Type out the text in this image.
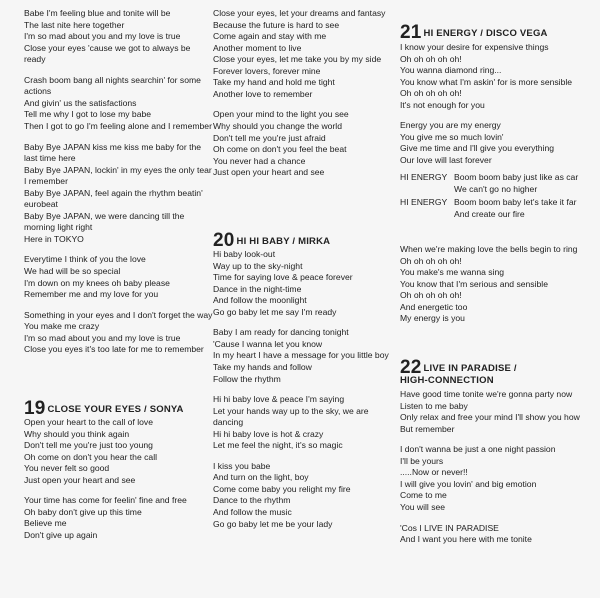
Babe I'm feeling blue and tonite will be
The last nite here together
I'm so mad about you and my love is true
Close your eyes 'cause we got to always be
ready
Crash boom bang all nights searchin' for some
actions
And givin' us the satisfactions
Tell me why I got to lose my babe
Then I got to go I'm feeling alone and I remember
Baby Bye JAPAN kiss me kiss me baby for the
last time here
Baby Bye JAPAN, lockin' in my eyes the only tear
I remember
Baby Bye JAPAN, feel again the rhythm beatin'
eurobeat
Baby Bye JAPAN, we were dancing till the
morning light right
Here in TOKYO
Everytime I think of you the love
We had will be so special
I'm down on my knees oh baby please
Remember me and my love for you
Something in your eyes and I don't forget the way
You make me crazy
I'm so mad about you and my love is true
Close you eyes it's too late for me to remember
19 CLOSE YOUR EYES / SONYA
Open your heart to the call of love
Why should you think again
Don't tell me you're just too young
Oh come on don't you hear the call
You never felt so good
Just open your heart and see
Your time has come for feelin' fine and free
Oh baby don't give up this time
Believe me
Don't give up again
Close your eyes, let your dreams and fantasy
Because the future is hard to see
Come again and stay with me
Another moment to live
Close your eyes, let me take you by my side
Forever lovers, forever mine
Take my hand and hold me tight
Another love to remember
Open your mind to the light you see
Why should you change the world
Don't tell me you're just afraid
Oh come on don't you feel the beat
You never had a chance
Just open your heart and see
20 HI HI BABY / MIRKA
Hi baby look-out
Way up to the sky-night
Time for saying love & peace forever
Dance in the night-time
And follow the moonlight
Go go baby let me say I'm ready
Baby I am ready for dancing tonight
'Cause I wanna let you know
In my heart I have a message for you little boy
Take my hands and follow
Follow the rhythm
Hi hi baby love & peace I'm saying
Let your hands way up to the sky, we are
dancing
Hi hi baby love is hot & crazy
Let me feel the night, it's so magic
I kiss you babe
And turn on the light, boy
Come come baby you relight my fire
Dance to the rhythm
And follow the music
Go go baby let me be your lady
21 HI ENERGY / DISCO VEGA
I know your desire for expensive things
Oh oh oh oh oh!
You wanna diamond ring...
You know what I'm askin' for is more sensible
Oh oh oh oh oh!
It's not enough for you
Energy you are my energy
You give me so much lovin'
Give me time and I'll give you everything
Our love will last forever
HI ENERGY Boom boom baby just like as car
We can't go no higher
HI ENERGY Boom boom baby let's take it far
And create our fire
When we're making love the bells begin to ring
Oh oh oh oh oh!
You make's me wanna sing
You know that I'm serious and sensible
Oh oh oh oh oh!
And energetic too
My energy is you
22 LIVE IN PARADISE /
HIGH-CONNECTION
Have good time tonite we're gonna party now
Listen to me baby
Only relax and free your mind I'll show you how
But remember
I don't wanna be just a one night passion
I'll be yours
.....Now or never!!
I will give you lovin' and big emotion
Come to me
You will see
'Cos I LIVE IN PARADISE
And I want you here with me tonite
